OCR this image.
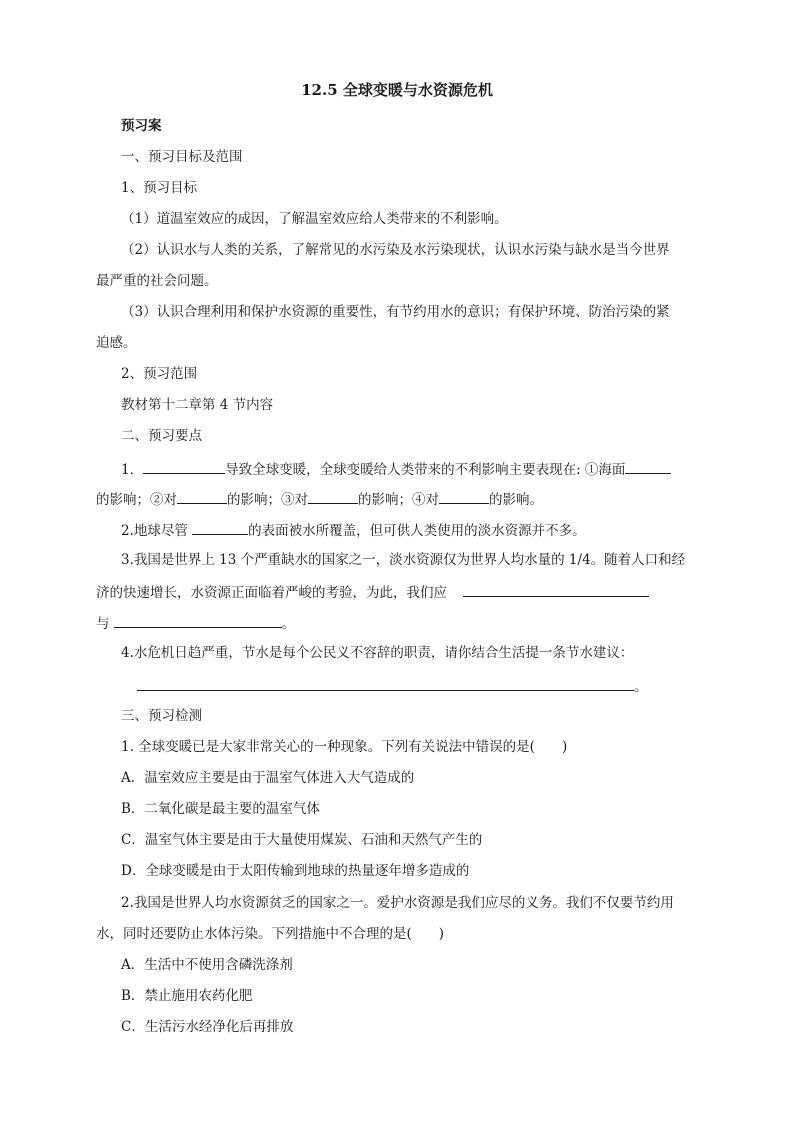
12.5 全球变暖与水资源危机
预习案
一、预习目标及范围
1、预习目标
（1）道温室效应的成因，了解温室效应给人类带来的不利影响。
（2）认识水与人类的关系，了解常见的水污染及水污染现状，认识水污染与缺水是当今世界
最严重的社会问题。
（3）认识合理利用和保护水资源的重要性，有节约用水的意识；有保护环境、防治污染的紧
迫感。
2、预习范围
教材第十二章第 4 节内容
二、预习要点
1．	导致全球变暖，全球变暖给人类带来的不利影响主要表现在: ①海面
的影响；②对	的影响；③对	的影响；④对	的影响。
2.地球尽管	的表面被水所覆盖，但可供人类使用的淡水资源并不多。
3.我国是世界上 13 个严重缺水的国家之一，淡水资源仅为世界人均水量的 1/4。随着人口和经
济的快速增长，水资源正面临着严峻的考验，为此，我们应
与	。
4.水危机日趋严重，节水是每个公民义不容辞的职责，请你结合生活提一条节水建议：
。
三、预习检测
1. 全球变暖已是大家非常关心的一种现象。下列有关说法中错误的是(　　)
A．温室效应主要是由于温室气体进入大气造成的
B．二氧化碳是最主要的温室气体
C．温室气体主要是由于大量使用煤炭、石油和天然气产生的
D．全球变暖是由于太阳传输到地球的热量逐年增多造成的
2.我国是世界人均水资源贫乏的国家之一。爱护水资源是我们应尽的义务。我们不仅要节约用
水，同时还要防止水体污染。下列措施中不合理的是(　　)
A．生活中不使用含磷洗涤剂
B．禁止施用农药化肥
C．生活污水经净化后再排放
